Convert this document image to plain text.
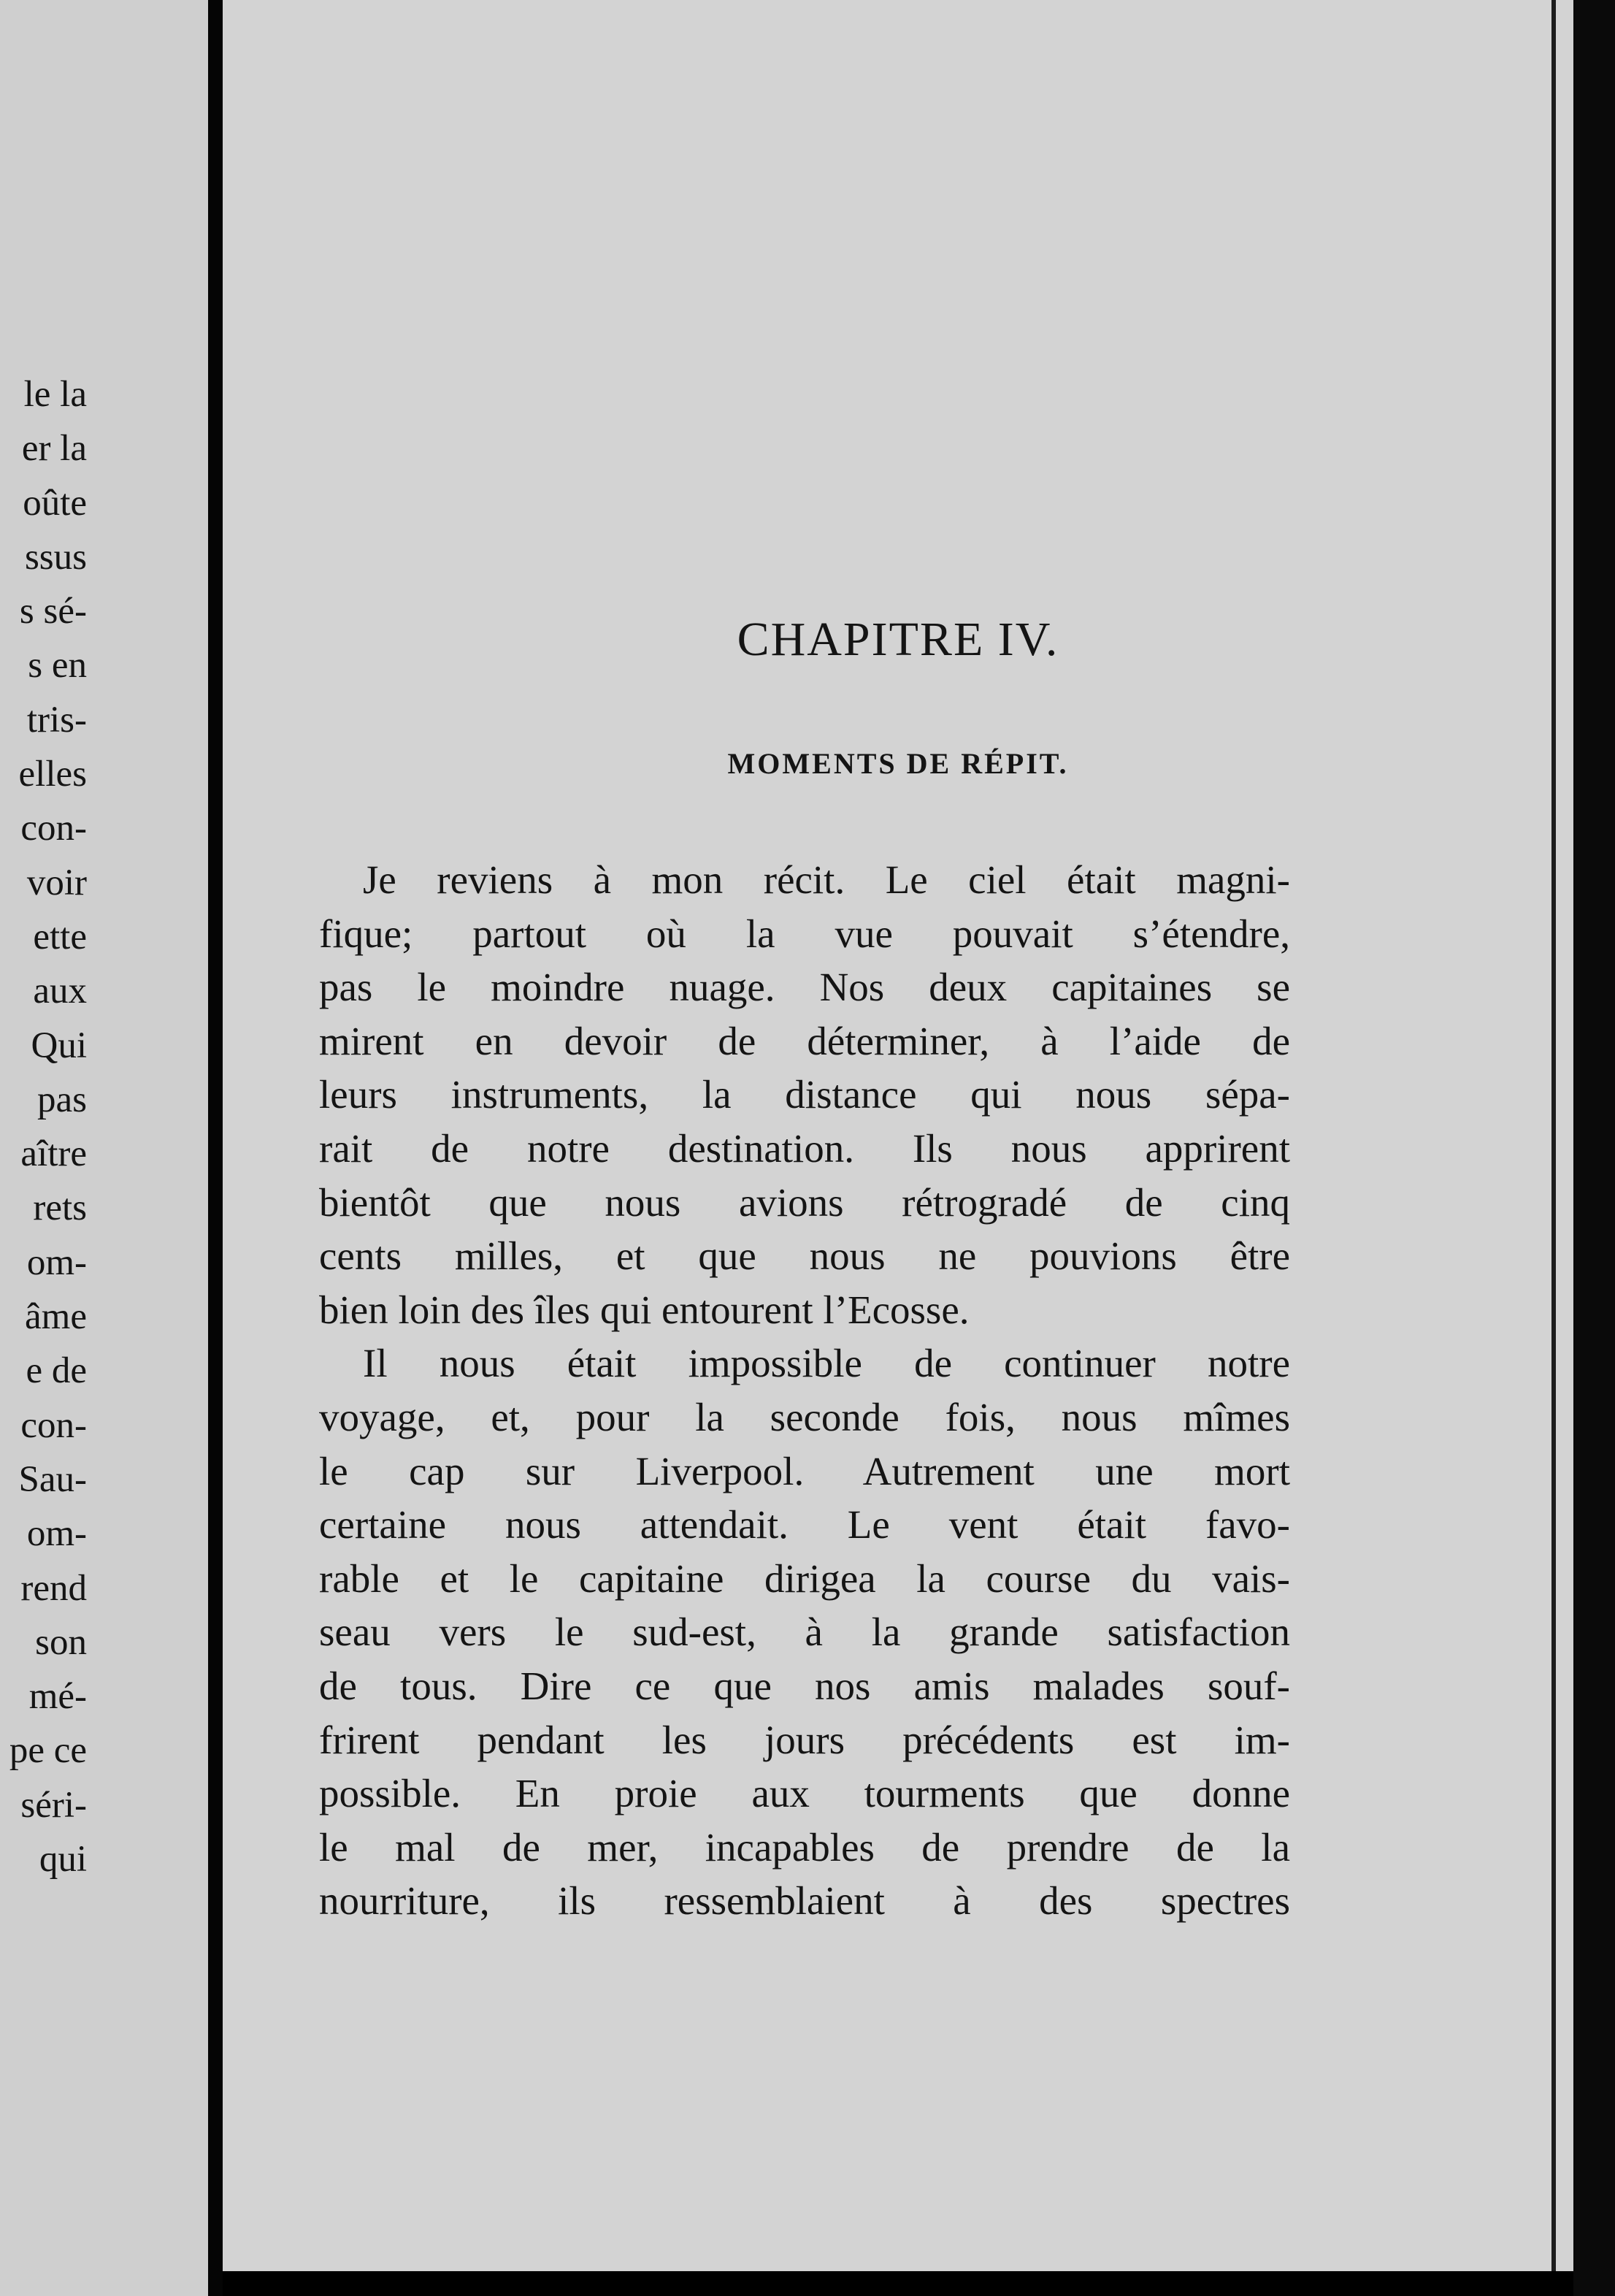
le la
er la
oûte
ssus
s sé-
s en
tris-
elles
con-
voir
ette
aux
Qui
pas
aître
rets
om-
âme
e de
con-
Sau-
om-
rend
son
mé-
pe ce
séri-
qui
CHAPITRE IV.
MOMENTS DE RÉPIT.
Je reviens à mon récit. Le ciel était magni-
fique; partout où la vue pouvait s’étendre,
pas le moindre nuage. Nos deux capitaines se
mirent en devoir de déterminer, à l’aide de
leurs instruments, la distance qui nous sépa-
rait de notre destination. Ils nous apprirent
bientôt que nous avions rétrogradé de cinq
cents milles, et que nous ne pouvions être
bien loin des îles qui entourent l’Ecosse.
Il nous était impossible de continuer notre
voyage, et, pour la seconde fois, nous mîmes
le cap sur Liverpool. Autrement une mort
certaine nous attendait. Le vent était favo-
rable et le capitaine dirigea la course du vais-
seau vers le sud-est, à la grande satisfaction
de tous. Dire ce que nos amis malades souf-
frirent pendant les jours précédents est im-
possible. En proie aux tourments que donne
le mal de mer, incapables de prendre de la
nourriture, ils ressemblaient à des spectres
